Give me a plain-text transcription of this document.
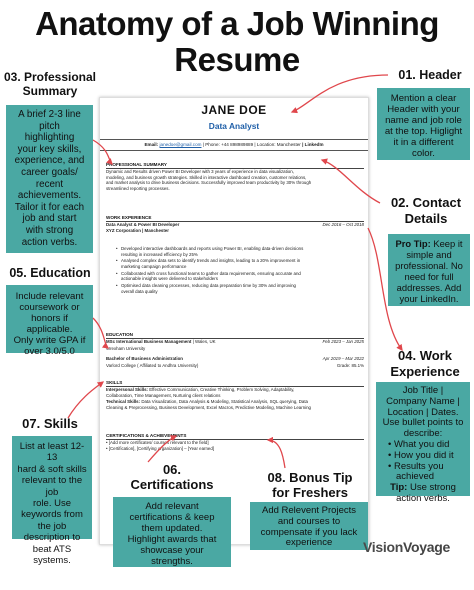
Anatomy of a Job Winning
Resume
03. Professional Summary
A brief 2-3 line
pitch
highlighting
your key skills,
experience, and
career goals/
recent
achievements.
Tailor it for each
job and start
with strong
action verbs.
01. Header
Mention a clear
Header with your
name and job role
at the top. Higlight
it in a different
color.
02. Contact
Details
Pro Tip: Keep it
simple and
professional. No
need for full
addresses. Add
your LinkedIn.
05. Education
Include relevant
coursework or
honors if applicable.
Only write GPA if
over 3.0/5.0	04. Work
Experience
Job Title |
Company Name |
Location | Dates.
Use bullet points to
describe:
• What you did
• How you did it
• Results you
achieved
Tip: Use strong
action verbs.
07. Skills
List at least 12-13
hard & soft skills
relevant to the job
role. Use
keywords from
the job
description to
beat ATS systems.
JANE DOE
Data Analyst
Email: janedoe@gmail.com | Phone: +44 898989889 | Location: Manchester | LinkedIn
PROFESSIONAL SUMMARY
Dynamic and Results driven Power BI Developer with 3 years of experience in data visualization,
modeling, and business growth strategies. Skilled in interactive dashboard creation, customer relations,
and market analysis to drive business decisions. Successfully improved team productivity by 30% through
streamlined reporting processes.
WORK EXPERIENCE
Data Analyst & Power BI Developer	Dec 2016 – Oct 2018
XYZ Corporation | Manchester
• Developed interactive dashboards and reports using Power BI, enabling data-driven decisions
resulting in increased efficiency by 25%
• Analysed complex data sets to identify trends and insights, leading to a 20% improvement in
marketing campaign performance
• Collaborated with cross functional teams to gather data requirements, ensuring accurate and
actionable insights were delivered to stakeholders
• Optimised data cleaning processes, reducing data preparation time by 30% and improving
overall data quality
EDUCATION
MSc International Business Management | Wales, UK	Feb 2023 – Jan 2025
Wrexham University
Bachelor of Business Administration	Apr 2019 – Mar 2022
Varlord College ( Affiliated to Andhra University)	Grade: 85.1%
SKILLS
Interpersonal Skills: Effective Communication, Creative Thinking, Problem Solving, Adaptability,
Collaboration, Time Management, Nurturing client relations
Technical Skills: Data Visualization, Data Analysis & Modeling, Statistical Analysis, SQL querying, Data
Cleaning & Preprocessing, Business Development, Excel Macros, Predictive Modeling, Machine Learning
CERTIFICATIONS & ACHIEVEMENTS
• [Add more certificates/ courses relevant to the field]
• [Certification], [Certifying organization] – [Year earned]
06.
Certifications
Add relevant
certifications & keep
them updated.
Highlight awards that
showcase your
strengths.
08. Bonus Tip
for Freshers
Add Relevent Projects
and courses to
compensate if you lack
experience	VisionVoyage
